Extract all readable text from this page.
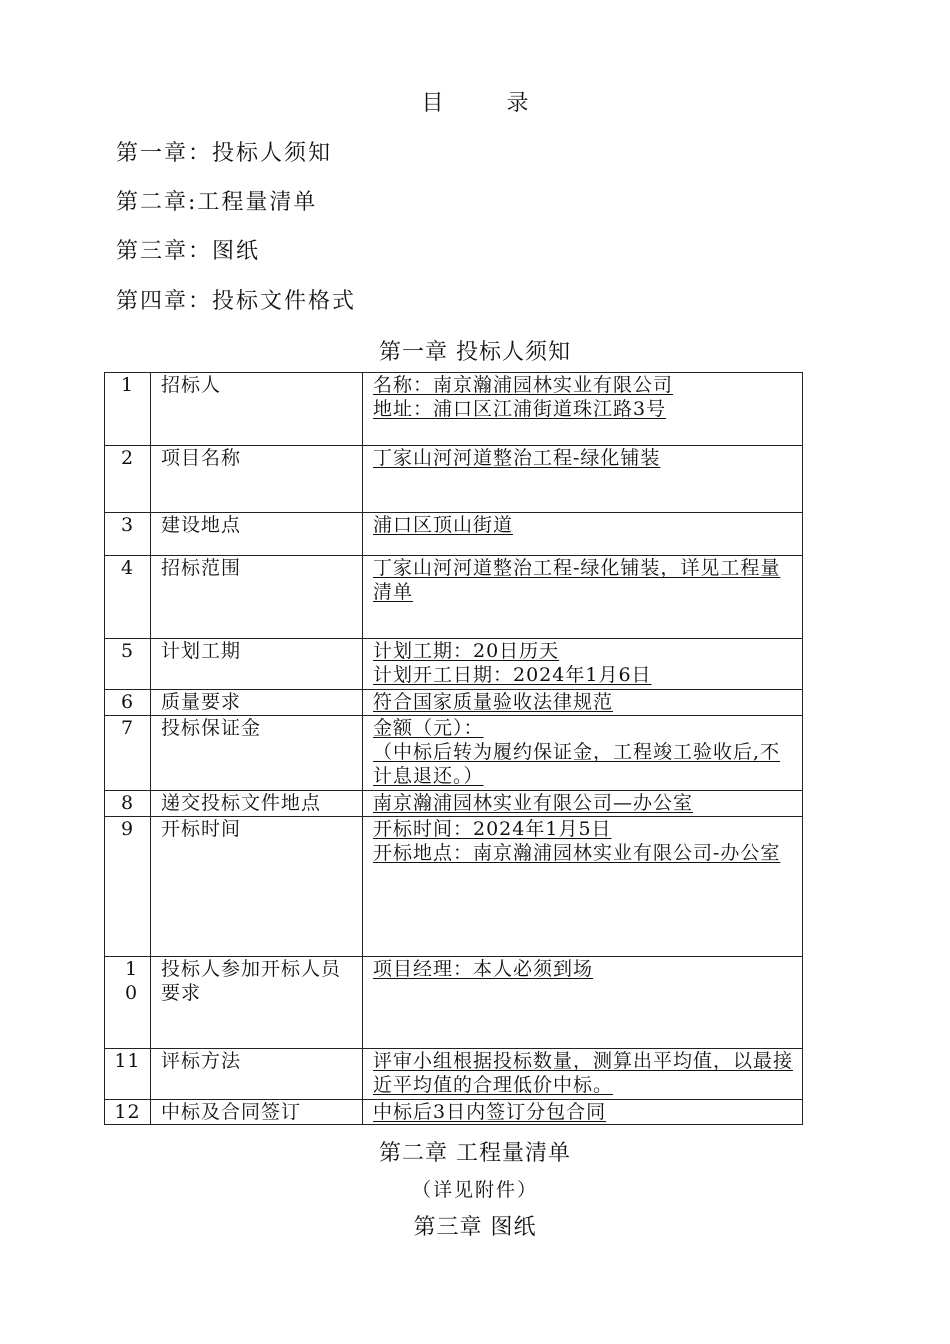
目 录
第一章：投标人须知
第二章:工程量清单
第三章：图纸
第四章：投标文件格式
第一章 投标人须知
1	招标人	名称：南京瀚浦园林实业有限公司
地址：浦口区江浦街道珠江路3号

2	项目名称	丁家山河河道整治工程-绿化铺装

3	建设地点	浦口区顶山街道

4	招标范围	丁家山河河道整治工程-绿化铺装，详见工程量清单

5	计划工期	计划工期：20日历天
计划开工日期：2024年1月6日

6	质量要求	符合国家质量验收法律规范

7	投标保证金	金额（元）：
（中标后转为履约保证金，工程竣工验收后,不计息退还。）

8	递交投标文件地点	南京瀚浦园林实业有限公司—办公室

9	开标时间	开标时间：2024年1月5日
开标地点：南京瀚浦园林实业有限公司-办公室

10	投标人参加开标人员要求	项目经理：本人必须到场

11	评标方法	评审小组根据投标数量，测算出平均值，以最接近平均值的合理低价中标。

12	中标及合同签订	中标后3日内签订分包合同
第二章 工程量清单
（详见附件）
第三章 图纸
